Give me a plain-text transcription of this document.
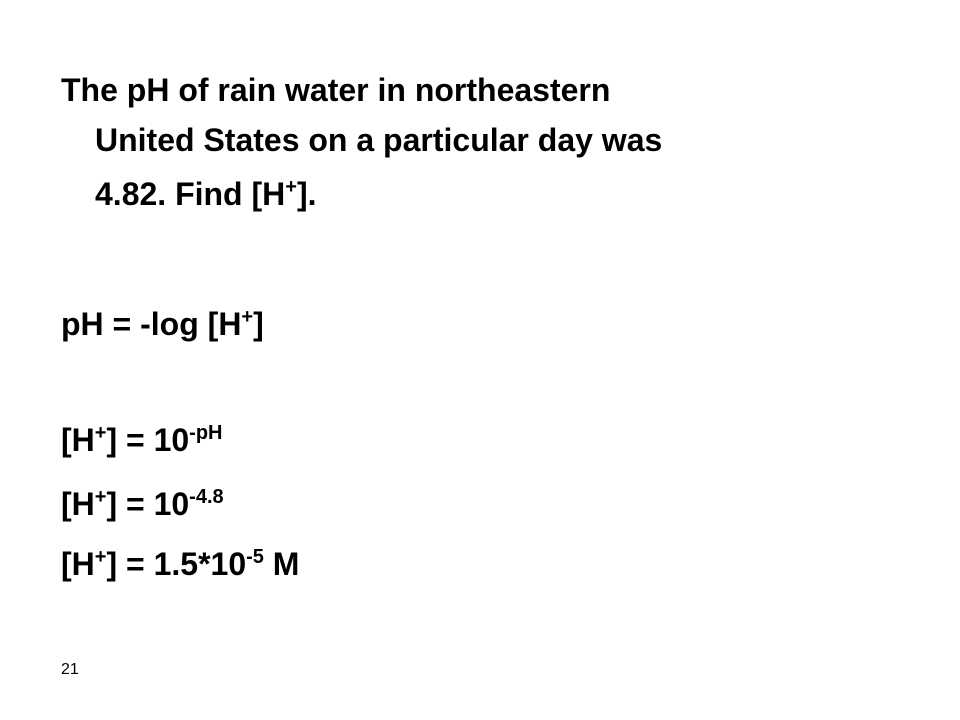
The pH of rain water in northeastern
United States on a particular day was
4.82. Find [H+].
pH = -log [H+]
$[H^+] = 10^{-pH}$
$[H^+] = 10^{-4.8}$
$[H^+] = 1.5*10^{-5}$ M
21
